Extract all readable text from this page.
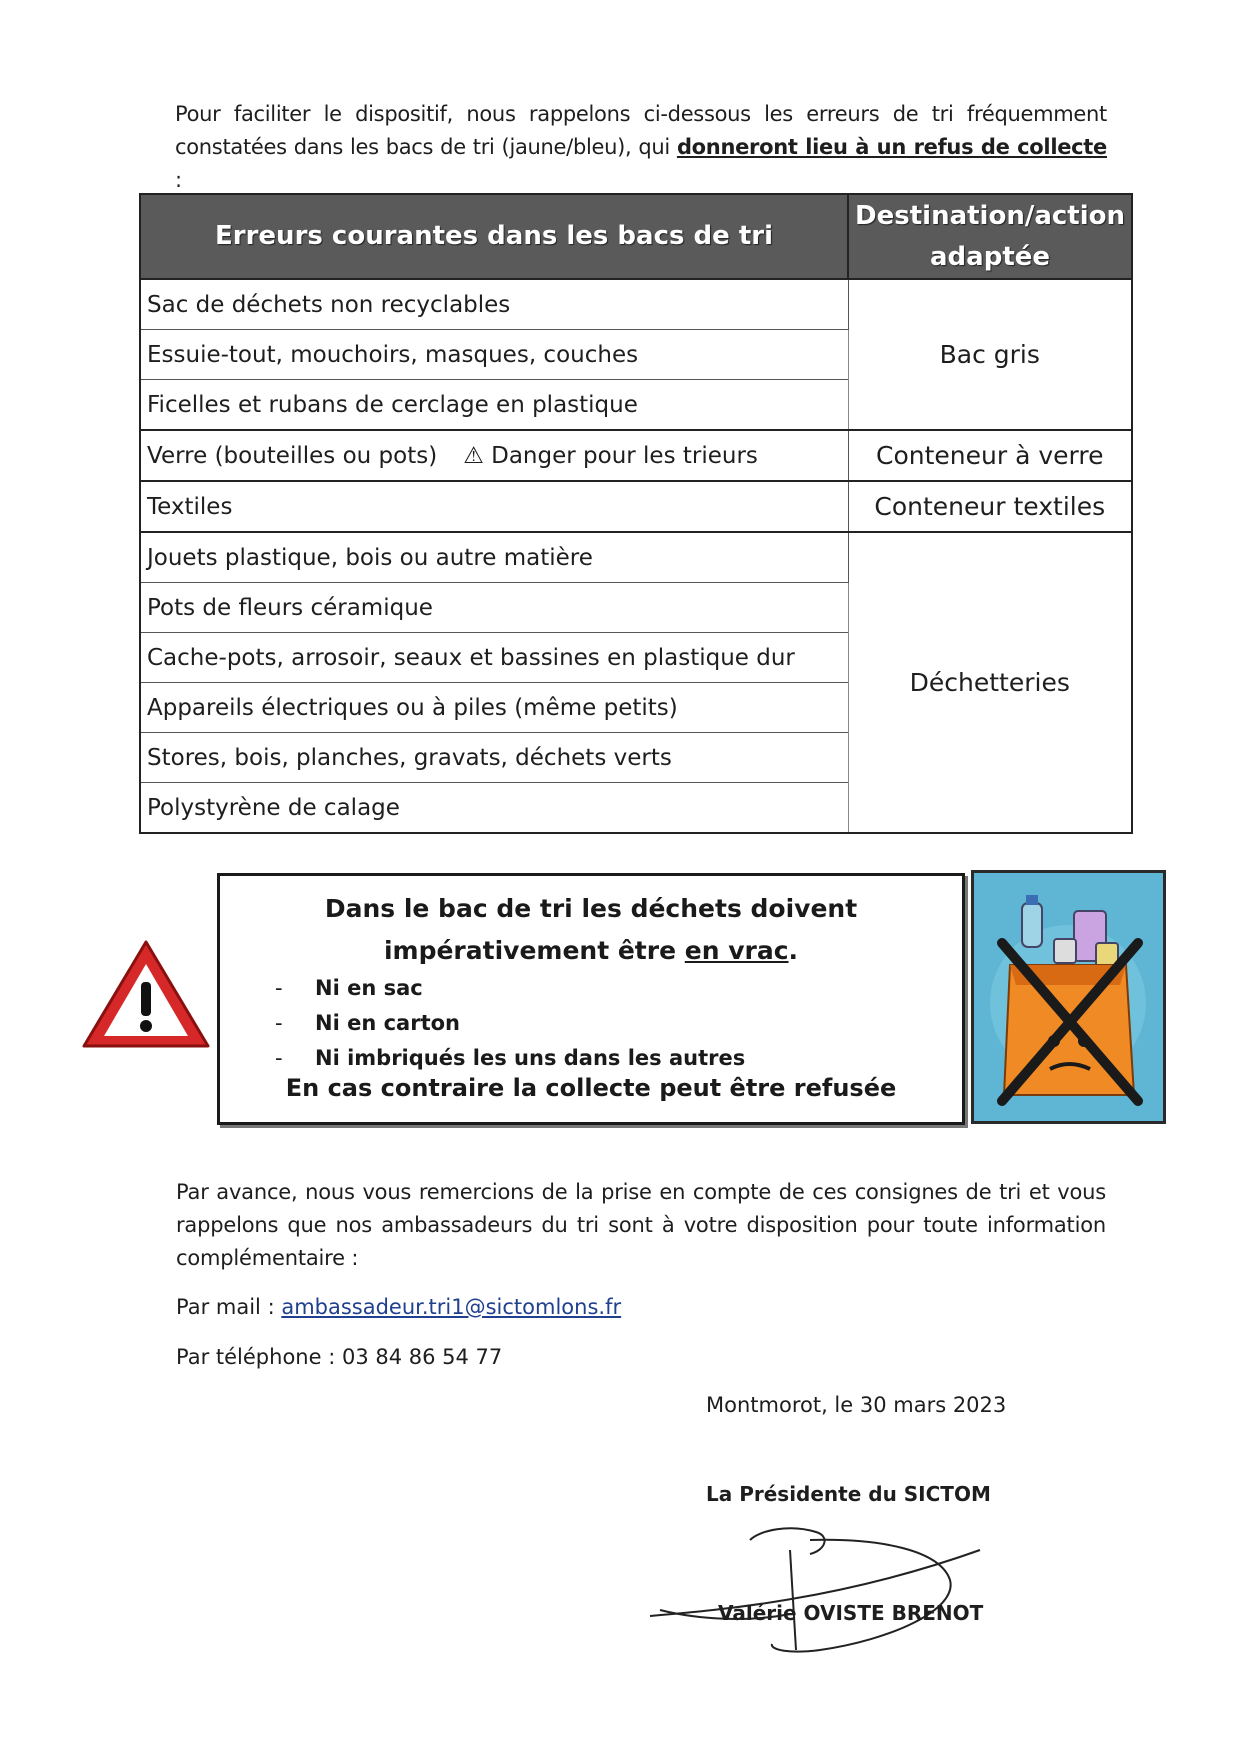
Pour faciliter le dispositif, nous rappelons ci-dessous les erreurs de tri fréquemment constatées dans les bacs de tri (jaune/bleu), qui donneront lieu à un refus de collecte :

Erreurs courantes dans les bacs de tri	Destination/action adaptée
Sac de déchets non recyclables	Bac gris
Essuie-tout, mouchoirs, masques, couches	
Ficelles et rubans de cerclage en plastique	
Verre (bouteilles ou pots) ⚠ Danger pour les trieurs	Conteneur à verre
Textiles	Conteneur textiles
Jouets plastique, bois ou autre matière	Déchetteries
Pots de fleurs céramique	
Cache-pots, arrosoir, seaux et bassines en plastique dur	
Appareils électriques ou à piles (même petits)	
Stores, bois, planches, gravats, déchets verts	
Polystyrène de calage	
Dans le bac de tri les déchets doivent
impérativement être en vrac.
- Ni en sac
- Ni en carton
- Ni imbriqués les uns dans les autres
En cas contraire la collecte peut être refusée

Par avance, nous vous remercions de la prise en compte de ces consignes de tri et vous rappelons que nos ambassadeurs du tri sont à votre disposition pour toute information complémentaire :

Par mail : ambassadeur.tri1@sictomlons.fr
Par téléphone : 03 84 86 54 77
Montmorot, le 30 mars 2023
La Présidente du SICTOM
Valérie OVISTE BRENOT
